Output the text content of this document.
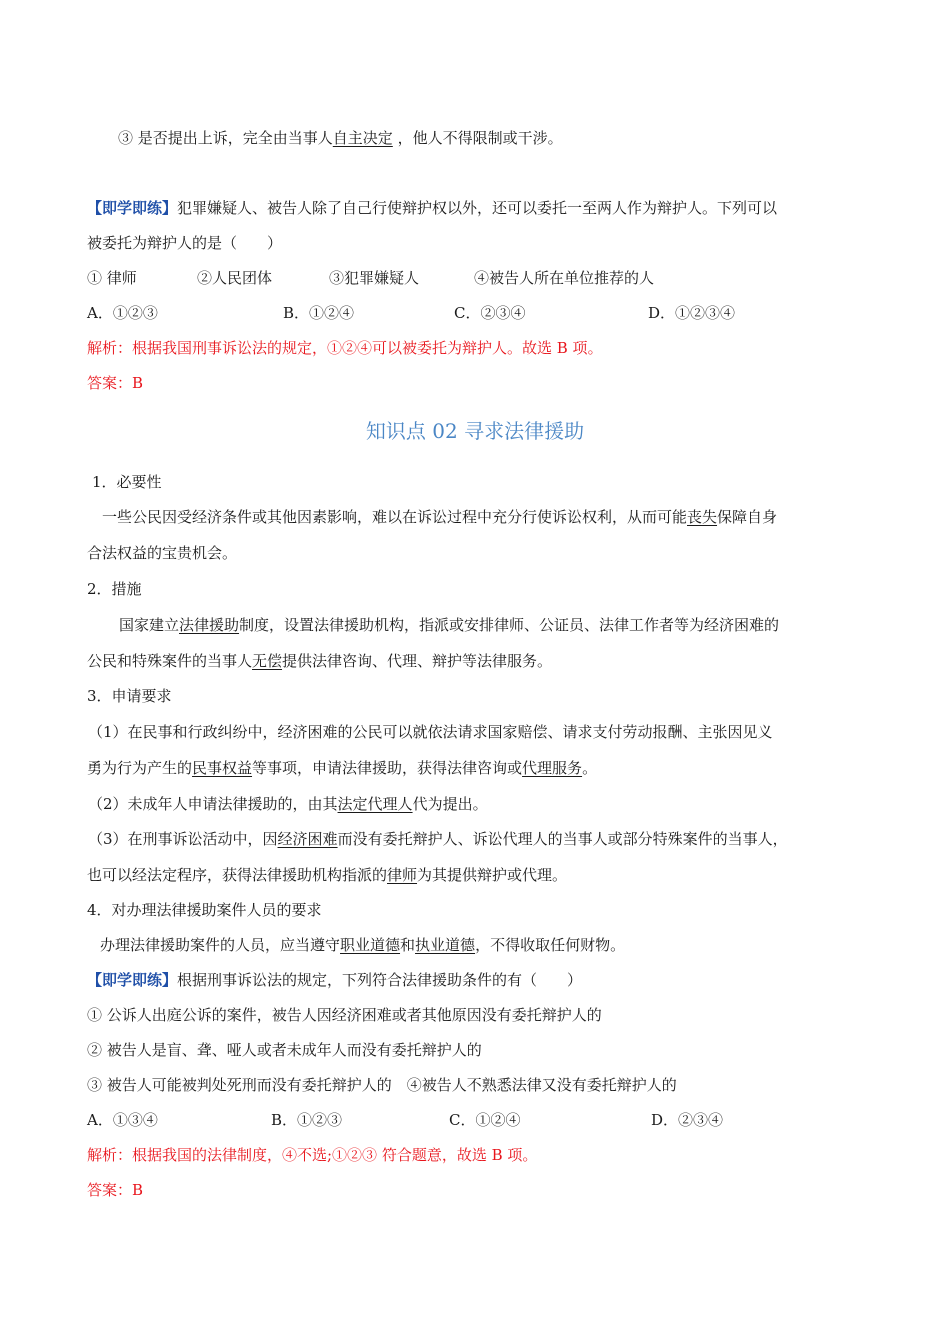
③ 是否提出上诉，完全由当事人自主决定 ，他人不得限制或干涉。
【即学即练】犯罪嫌疑人、被告人除了自己行使辩护权以外，还可以委托一至两人作为辩护人。下列可以
被委托为辩护人的是（　　）
① 律师	②人民团体	③犯罪嫌疑人	④被告人所在单位推荐的人
A．①②③	B．①②④	C．②③④	D．①②③④
解析：根据我国刑事诉讼法的规定，①②④可以被委托为辩护人。故选 B 项。
答案：B
知识点 02 寻求法律援助
1．必要性
一些公民因受经济条件或其他因素影响，难以在诉讼过程中充分行使诉讼权利，从而可能丧失保障自身
合法权益的宝贵机会。
2．措施
国家建立法律援助制度，设置法律援助机构，指派或安排律师、公证员、法律工作者等为经济困难的
公民和特殊案件的当事人无偿提供法律咨询、代理、辩护等法律服务。
3．申请要求
（1）在民事和行政纠纷中，经济困难的公民可以就依法请求国家赔偿、请求支付劳动报酬、主张因见义
勇为行为产生的民事权益等事项，申请法律援助，获得法律咨询或代理服务。
（2）未成年人申请法律援助的，由其法定代理人代为提出。
（3）在刑事诉讼活动中，因经济困难而没有委托辩护人、诉讼代理人的当事人或部分特殊案件的当事人，
也可以经法定程序，获得法律援助机构指派的律师为其提供辩护或代理。
4．对办理法律援助案件人员的要求
办理法律援助案件的人员，应当遵守职业道德和执业道德，不得收取任何财物。
【即学即练】根据刑事诉讼法的规定，下列符合法律援助条件的有（　　）
① 公诉人出庭公诉的案件，被告人因经济困难或者其他原因没有委托辩护人的
② 被告人是盲、聋、哑人或者未成年人而没有委托辩护人的
③ 被告人可能被判处死刑而没有委托辩护人的　④被告人不熟悉法律又没有委托辩护人的
A．①③④	B．①②③	C．①②④	D．②③④
解析：根据我国的法律制度，④不选;①②③ 符合题意，故选 B 项。
答案：B
